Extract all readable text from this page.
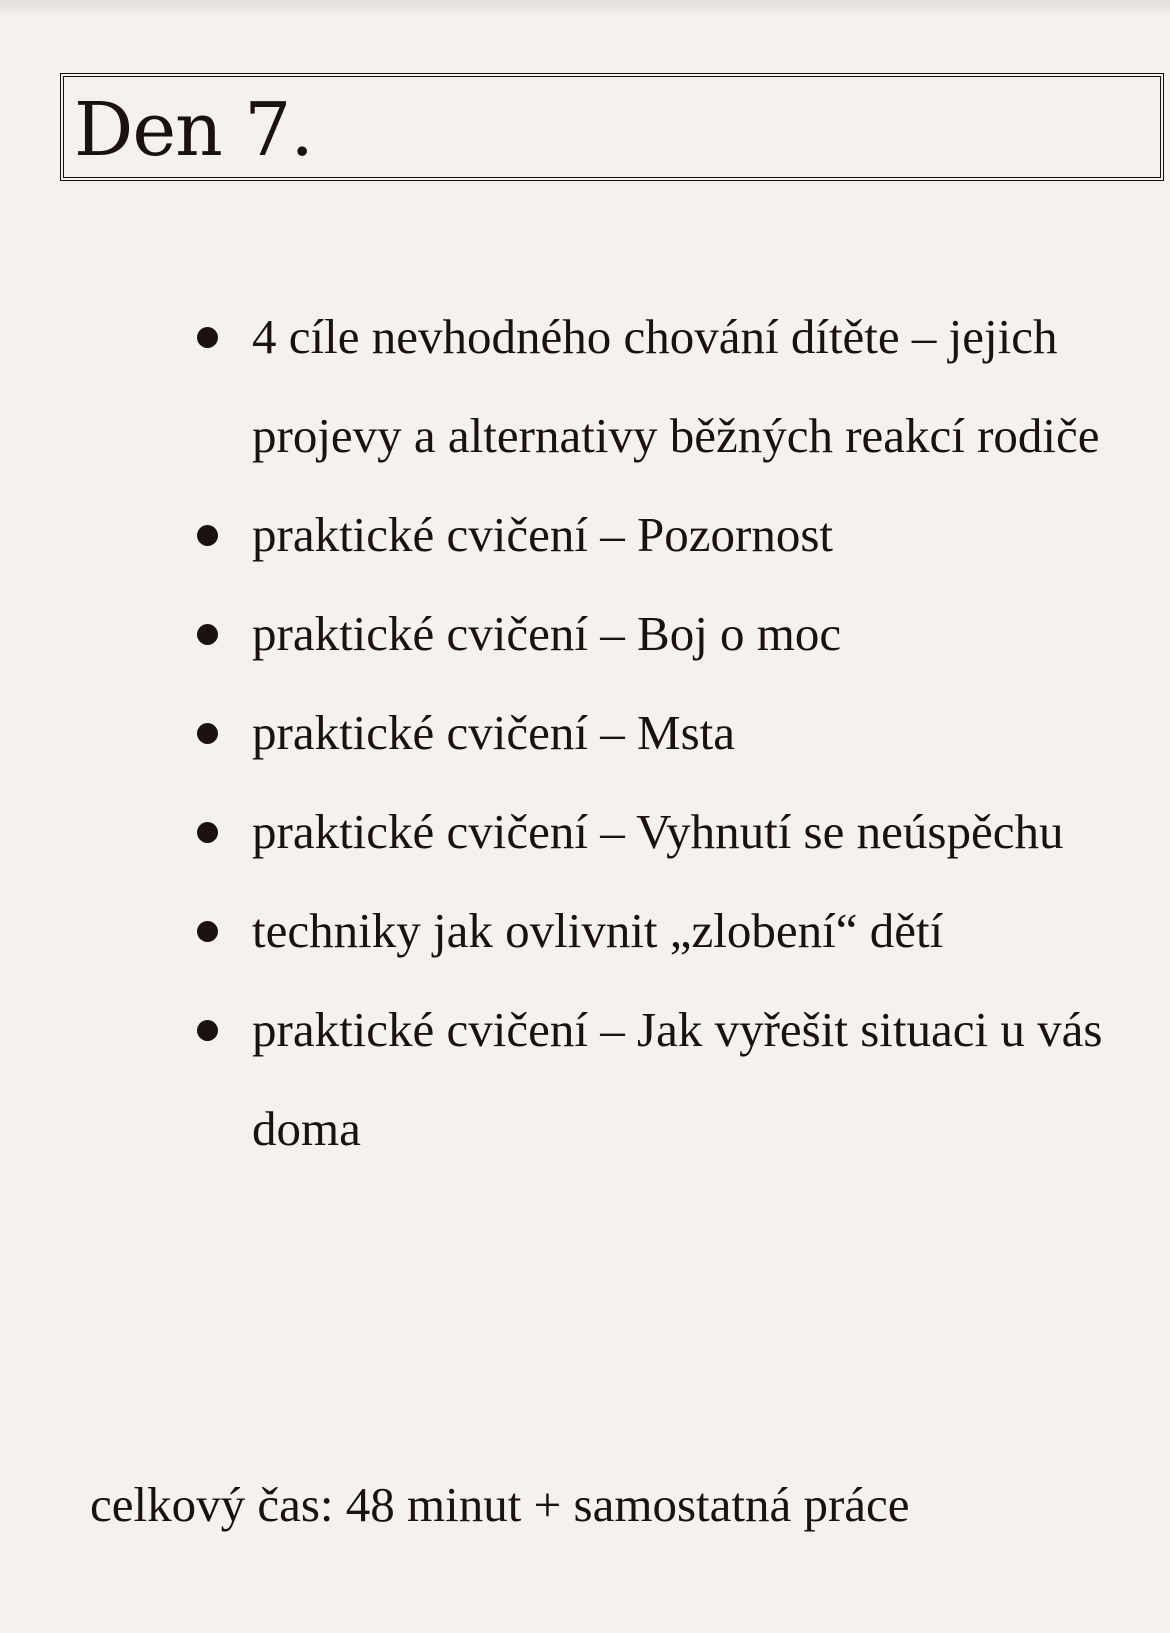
Den 7.
4 cíle nevhodného chování dítěte – jejich projevy a alternativy běžných reakcí rodiče
praktické cvičení – Pozornost
praktické cvičení – Boj o moc
praktické cvičení – Msta
praktické cvičení – Vyhnutí se neúspěchu
techniky jak ovlivnit „zlobení“ dětí
praktické cvičení – Jak vyřešit situaci u vás doma
celkový čas: 48 minut + samostatná práce
